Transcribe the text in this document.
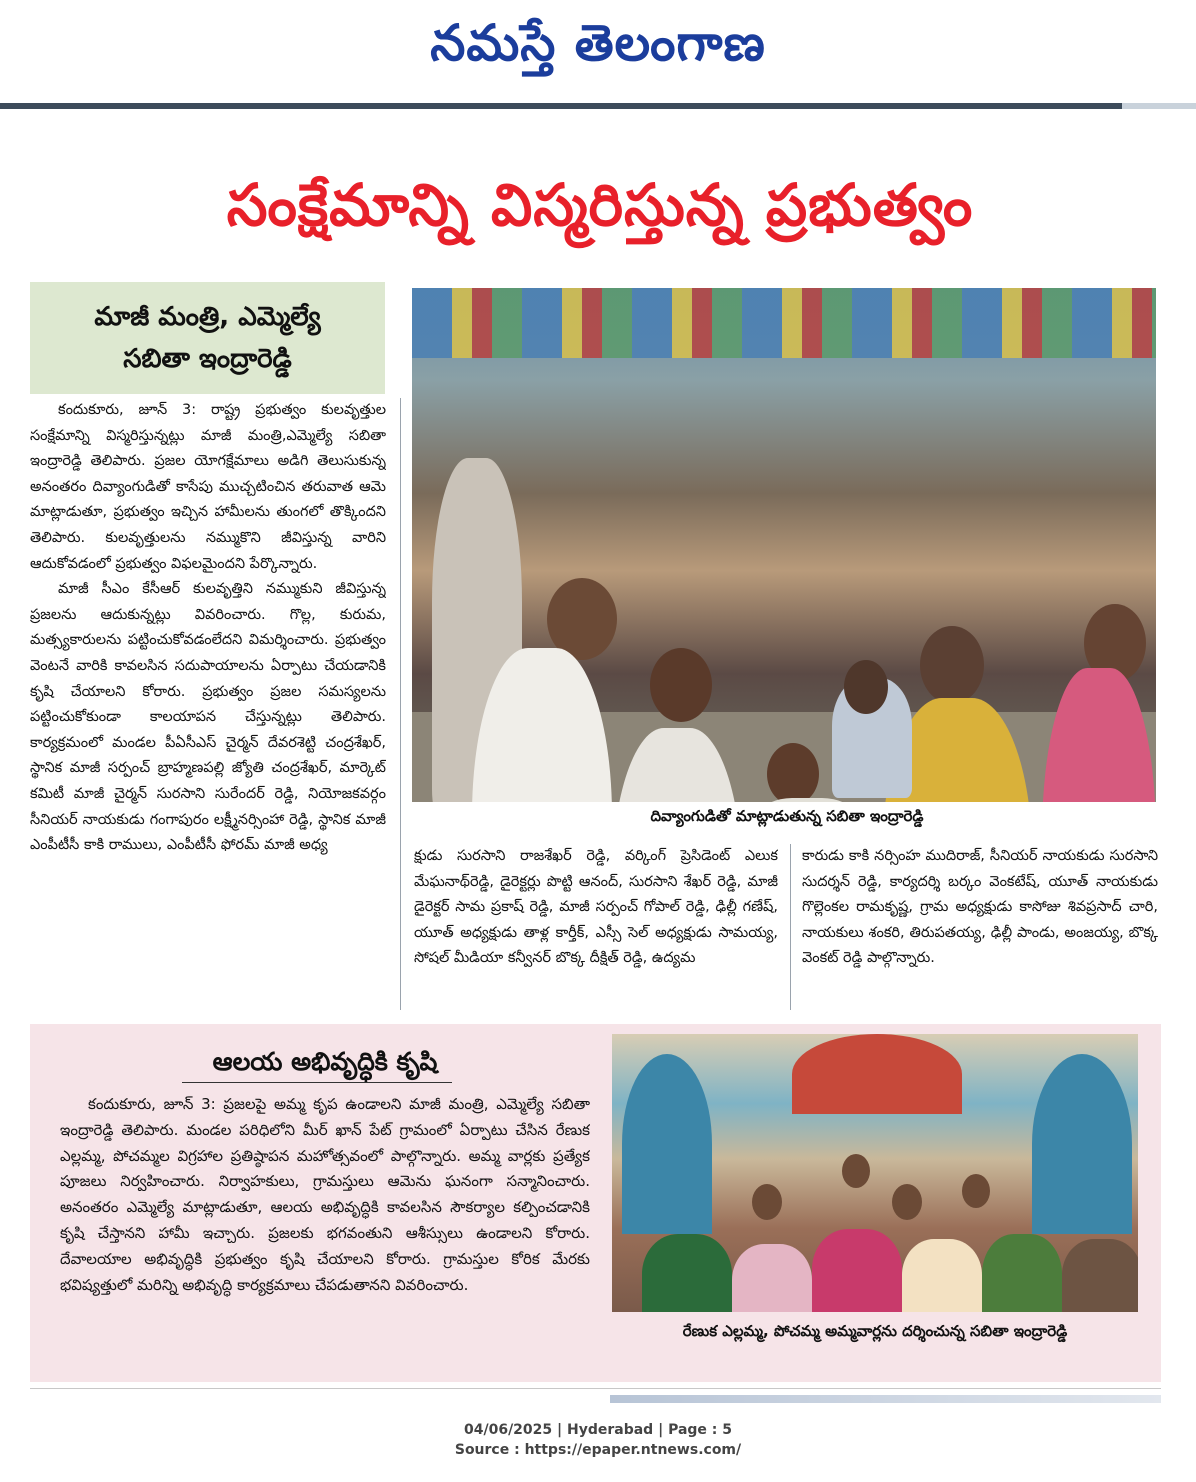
నమస్తే తెలంగాణ
సంక్షేమాన్ని విస్మరిస్తున్న ప్రభుత్వం
మాజీ మంత్రి, ఎమ్మెల్యే
సబితా ఇంద్రారెడ్డి

కందుకూరు, జూన్ 3: రాష్ట్ర ప్రభుత్వం కులవృత్తుల సంక్షేమాన్ని విస్మరిస్తున్నట్లు మాజీ మంత్రి,ఎమ్మెల్యే సబితా ఇంద్రారెడ్డి తెలిపారు. ప్రజల యోగక్షేమాలు అడిగి తెలుసుకున్న అనంతరం దివ్యాంగుడితో కాసేపు ముచ్చటించిన తరువాత ఆమె మాట్లాడుతూ, ప్రభుత్వం ఇచ్చిన హామీలను తుంగలో తొక్కిందని తెలిపారు. కులవృత్తులను నమ్ముకొని జీవిస్తున్న వారిని ఆదుకోవడంలో ప్రభుత్వం విఫలమైందని పేర్కొన్నారు.

మాజీ సీఎం కేసీఆర్ కులవృత్తిని నమ్ముకుని జీవిస్తున్న ప్రజలను ఆదుకున్నట్లు వివరించారు. గొల్ల, కురుమ, మత్స్యకారులను పట్టించుకోవడంలేదని విమర్శించారు. ప్రభుత్వం వెంటనే వారికి కావలసిన సదుపాయాలను ఏర్పాటు చేయడానికి కృషి చేయాలని కోరారు. ప్రభుత్వం ప్రజల సమస్యలను పట్టించుకోకుండా కాలయాపన చేస్తున్నట్లు తెలిపారు. కార్యక్రమంలో మండల పీఏసీఎస్ చైర్మన్ దేవరశెట్టి చంద్రశేఖర్, స్థానిక మాజీ సర్పంచ్ బ్రాహ్మణపల్లి జ్యోతి చంద్రశేఖర్, మార్కెట్ కమిటీ మాజీ చైర్మన్ సురసాని సురేందర్ రెడ్డి, నియోజకవర్గం సీనియర్ నాయకుడు గంగాపురం లక్ష్మీనర్సింహా రెడ్డి, స్థానిక మాజీ ఎంపీటీసీ కాకి రాములు, ఎంపీటీసీ ఫోరమ్ మాజీ అధ్య

దివ్యాంగుడితో మాట్లాడుతున్న సబితా ఇంద్రారెడ్డి

క్షుడు సురసాని రాజశేఖర్ రెడ్డి, వర్కింగ్ ప్రెసిడెంట్ ఎలుక మేఘనాథ్‌రెడ్డి, డైరెక్టర్లు పొట్టి ఆనంద్, సురసాని శేఖర్ రెడ్డి, మాజీ డైరెక్టర్ సామ ప్రకాష్ రెడ్డి, మాజీ సర్పంచ్ గోపాల్ రెడ్డి, ఢిల్లీ గణేష్, యూత్ అధ్యక్షుడు తాళ్ల కార్తీక్, ఎస్సీ సెల్ అధ్యక్షుడు సామయ్య, సోషల్ మీడియా కన్వీనర్ బొక్క దీక్షిత్ రెడ్డి, ఉద్యమ

కారుడు కాకి నర్సింహ ముదిరాజ్, సీనియర్ నాయకుడు సురసాని సుదర్శన్ రెడ్డి, కార్యదర్శి బర్కం వెంకటేష్, యూత్ నాయకుడు గొల్లెంకల రామకృష్ణ, గ్రామ అధ్యక్షుడు కాసోజు శివప్రసాద్ చారి, నాయకులు శంకరి, తిరుపతయ్య, ఢిల్లీ పాండు, అంజయ్య, బొక్క వెంకట్ రెడ్డి పాల్గొన్నారు.

ఆలయ అభివృద్ధికి కృషి

కందుకూరు, జూన్ 3: ప్రజలపై అమ్మ కృప ఉండాలని మాజీ మంత్రి, ఎమ్మెల్యే సబితా ఇంద్రారెడ్డి తెలిపారు. మండల పరిధిలోని మీర్ ఖాన్ పేట్ గ్రామంలో ఏర్పాటు చేసిన రేణుక ఎల్లమ్మ, పోచమ్మల విగ్రహాల ప్రతిష్ఠాపన మహోత్సవంలో పాల్గొన్నారు. అమ్మ వార్లకు ప్రత్యేక పూజలు నిర్వహించారు. నిర్వాహకులు, గ్రామస్తులు ఆమెను ఘనంగా సన్మానించారు. అనంతరం ఎమ్మెల్యే మాట్లాడుతూ, ఆలయ అభివృద్ధికి కావలసిన సౌకర్యాల కల్పించడానికి కృషి చేస్తానని హామీ ఇచ్చారు. ప్రజలకు భగవంతుని ఆశీస్సులు ఉండాలని కోరారు. దేవాలయాల అభివృద్ధికి ప్రభుత్వం కృషి చేయాలని కోరారు. గ్రామస్తుల కోరిక మేరకు భవిష్యత్తులో మరిన్ని అభివృద్ధి కార్యక్రమాలు చేపడుతానని వివరించారు.

రేణుక ఎల్లమ్మ, పోచమ్మ అమ్మవార్లను దర్శించున్న సబితా ఇంద్రారెడ్డి
04/06/2025 | Hyderabad | Page : 5
Source : https://epaper.ntnews.com/
